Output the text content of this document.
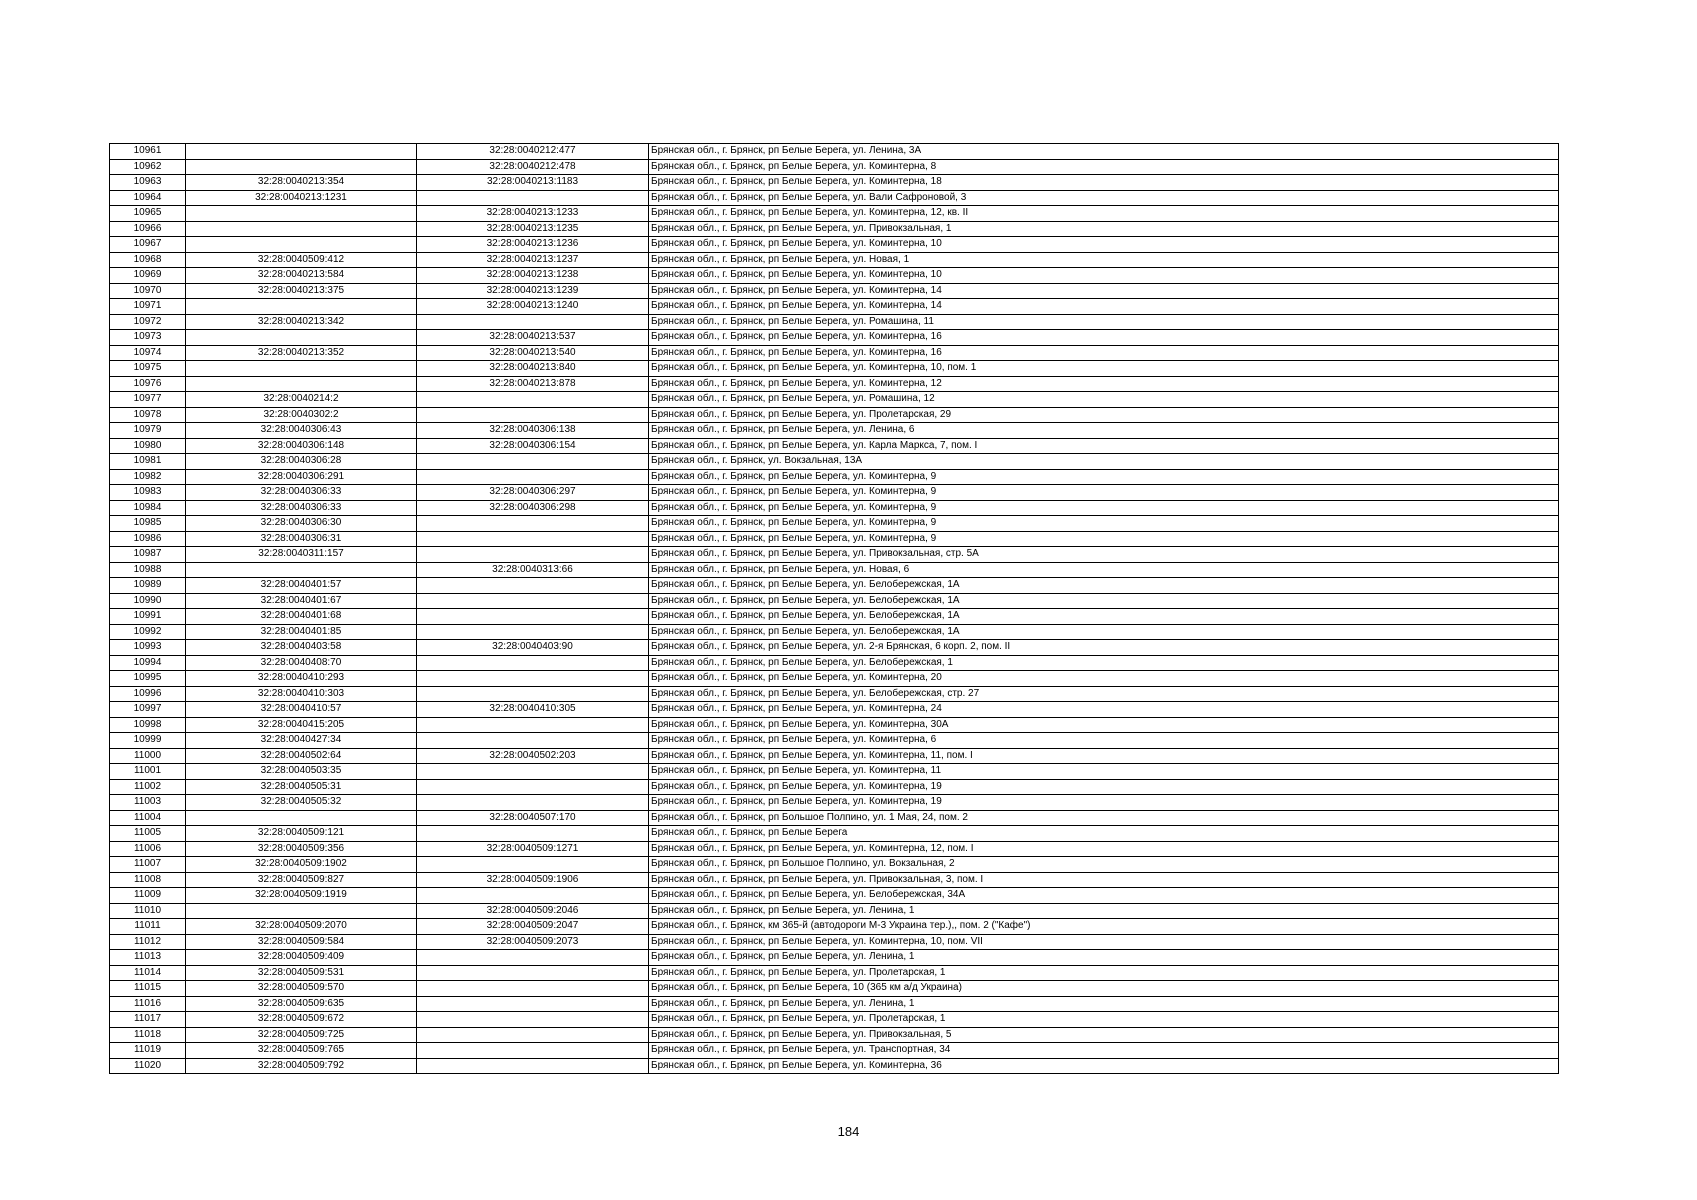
10961		32:28:0040212:477	Брянская обл., г. Брянск, рп Белые Берега, ул. Ленина, 3А
10962		32:28:0040212:478	Брянская обл., г. Брянск, рп Белые Берега, ул. Коминтерна, 8
10963	32:28:0040213:354	32:28:0040213:1183	Брянская обл., г. Брянск, рп Белые Берега, ул. Коминтерна, 18
10964	32:28:0040213:1231		Брянская обл., г. Брянск, рп Белые Берега, ул. Вали Сафроновой, 3
10965		32:28:0040213:1233	Брянская обл., г. Брянск, рп Белые Берега, ул. Коминтерна, 12, кв. II
10966		32:28:0040213:1235	Брянская обл., г. Брянск, рп Белые Берега, ул. Привокзальная, 1
10967		32:28:0040213:1236	Брянская обл., г. Брянск, рп Белые Берега, ул. Коминтерна, 10
10968	32:28:0040509:412	32:28:0040213:1237	Брянская обл., г. Брянск, рп Белые Берега, ул. Новая, 1
10969	32:28:0040213:584	32:28:0040213:1238	Брянская обл., г. Брянск, рп Белые Берега, ул. Коминтерна, 10
10970	32:28:0040213:375	32:28:0040213:1239	Брянская обл., г. Брянск, рп Белые Берега, ул. Коминтерна, 14
10971		32:28:0040213:1240	Брянская обл., г. Брянск, рп Белые Берега, ул. Коминтерна, 14
10972	32:28:0040213:342		Брянская обл., г. Брянск, рп Белые Берега, ул. Ромашина, 11
10973		32:28:0040213:537	Брянская обл., г. Брянск, рп Белые Берега, ул. Коминтерна, 16
10974	32:28:0040213:352	32:28:0040213:540	Брянская обл., г. Брянск, рп Белые Берега, ул. Коминтерна, 16
10975		32:28:0040213:840	Брянская обл., г. Брянск, рп Белые Берега, ул. Коминтерна, 10, пом. 1
10976		32:28:0040213:878	Брянская обл., г. Брянск, рп Белые Берега, ул. Коминтерна, 12
10977	32:28:0040214:2		Брянская обл., г. Брянск, рп Белые Берега, ул. Ромашина, 12
10978	32:28:0040302:2		Брянская обл., г. Брянск, рп Белые Берега, ул. Пролетарская, 29
10979	32:28:0040306:43	32:28:0040306:138	Брянская обл., г. Брянск, рп Белые Берега, ул. Ленина, 6
10980	32:28:0040306:148	32:28:0040306:154	Брянская обл., г. Брянск, рп Белые Берега, ул. Карла Маркса, 7, пом. I
10981	32:28:0040306:28		Брянская обл., г. Брянск, ул. Вокзальная, 13А
10982	32:28:0040306:291		Брянская обл., г. Брянск, рп Белые Берега, ул. Коминтерна, 9
10983	32:28:0040306:33	32:28:0040306:297	Брянская обл., г. Брянск, рп Белые Берега, ул. Коминтерна, 9
10984	32:28:0040306:33	32:28:0040306:298	Брянская обл., г. Брянск, рп Белые Берега, ул. Коминтерна, 9
10985	32:28:0040306:30		Брянская обл., г. Брянск, рп Белые Берега, ул. Коминтерна, 9
10986	32:28:0040306:31		Брянская обл., г. Брянск, рп Белые Берега, ул. Коминтерна, 9
10987	32:28:0040311:157		Брянская обл., г. Брянск, рп Белые Берега, ул. Привокзальная, стр. 5А
10988		32:28:0040313:66	Брянская обл., г. Брянск, рп Белые Берега, ул. Новая, 6
10989	32:28:0040401:57		Брянская обл., г. Брянск, рп Белые Берега, ул. Белобережская, 1А
10990	32:28:0040401:67		Брянская обл., г. Брянск, рп Белые Берега, ул. Белобережская, 1А
10991	32:28:0040401:68		Брянская обл., г. Брянск, рп Белые Берега, ул. Белобережская, 1А
10992	32:28:0040401:85		Брянская обл., г. Брянск, рп Белые Берега, ул. Белобережская, 1А
10993	32:28:0040403:58	32:28:0040403:90	Брянская обл., г. Брянск, рп Белые Берега, ул. 2-я Брянская, 6 корп. 2, пом. II
10994	32:28:0040408:70		Брянская обл., г. Брянск, рп Белые Берега, ул. Белобережская, 1
10995	32:28:0040410:293		Брянская обл., г. Брянск, рп Белые Берега, ул. Коминтерна, 20
10996	32:28:0040410:303		Брянская обл., г. Брянск, рп Белые Берега, ул. Белобережская, стр. 27
10997	32:28:0040410:57	32:28:0040410:305	Брянская обл., г. Брянск, рп Белые Берега, ул. Коминтерна, 24
10998	32:28:0040415:205		Брянская обл., г. Брянск, рп Белые Берега, ул. Коминтерна, 30А
10999	32:28:0040427:34		Брянская обл., г. Брянск, рп Белые Берега, ул. Коминтерна, 6
11000	32:28:0040502:64	32:28:0040502:203	Брянская обл., г. Брянск, рп Белые Берега, ул. Коминтерна, 11, пом. I
11001	32:28:0040503:35		Брянская обл., г. Брянск, рп Белые Берега, ул. Коминтерна, 11
11002	32:28:0040505:31		Брянская обл., г. Брянск, рп Белые Берега, ул. Коминтерна, 19
11003	32:28:0040505:32		Брянская обл., г. Брянск, рп Белые Берега, ул. Коминтерна, 19
11004		32:28:0040507:170	Брянская обл., г. Брянск, рп Большое Полпино, ул. 1 Мая, 24, пом. 2
11005	32:28:0040509:121		Брянская обл., г. Брянск, рп Белые Берега
11006	32:28:0040509:356	32:28:0040509:1271	Брянская обл., г. Брянск, рп Белые Берега, ул. Коминтерна, 12, пом. I
11007	32:28:0040509:1902		Брянская обл., г. Брянск, рп Большое Полпино, ул. Вокзальная, 2
11008	32:28:0040509:827	32:28:0040509:1906	Брянская обл., г. Брянск, рп Белые Берега, ул. Привокзальная, 3, пом. I
11009	32:28:0040509:1919		Брянская обл., г. Брянск, рп Белые Берега, ул. Белобережская, 34А
11010		32:28:0040509:2046	Брянская обл., г. Брянск, рп Белые Берега, ул. Ленина, 1
11011	32:28:0040509:2070	32:28:0040509:2047	Брянская обл., г. Брянск, км 365-й (автодороги М-3 Украина тер.),, пом. 2 ("Кафе")
11012	32:28:0040509:584	32:28:0040509:2073	Брянская обл., г. Брянск, рп Белые Берега, ул. Коминтерна, 10, пом. VII
11013	32:28:0040509:409		Брянская обл., г. Брянск, рп Белые Берега, ул. Ленина, 1
11014	32:28:0040509:531		Брянская обл., г. Брянск, рп Белые Берега, ул. Пролетарская, 1
11015	32:28:0040509:570		Брянская обл., г. Брянск, рп Белые Берега, 10 (365 км а/д Украина)
11016	32:28:0040509:635		Брянская обл., г. Брянск, рп Белые Берега, ул. Ленина, 1
11017	32:28:0040509:672		Брянская обл., г. Брянск, рп Белые Берега, ул. Пролетарская, 1
11018	32:28:0040509:725		Брянская обл., г. Брянск, рп Белые Берега, ул. Привокзальная, 5
11019	32:28:0040509:765		Брянская обл., г. Брянск, рп Белые Берега, ул. Транспортная, 34
11020	32:28:0040509:792		Брянская обл., г. Брянск, рп Белые Берега, ул. Коминтерна, 36
184
